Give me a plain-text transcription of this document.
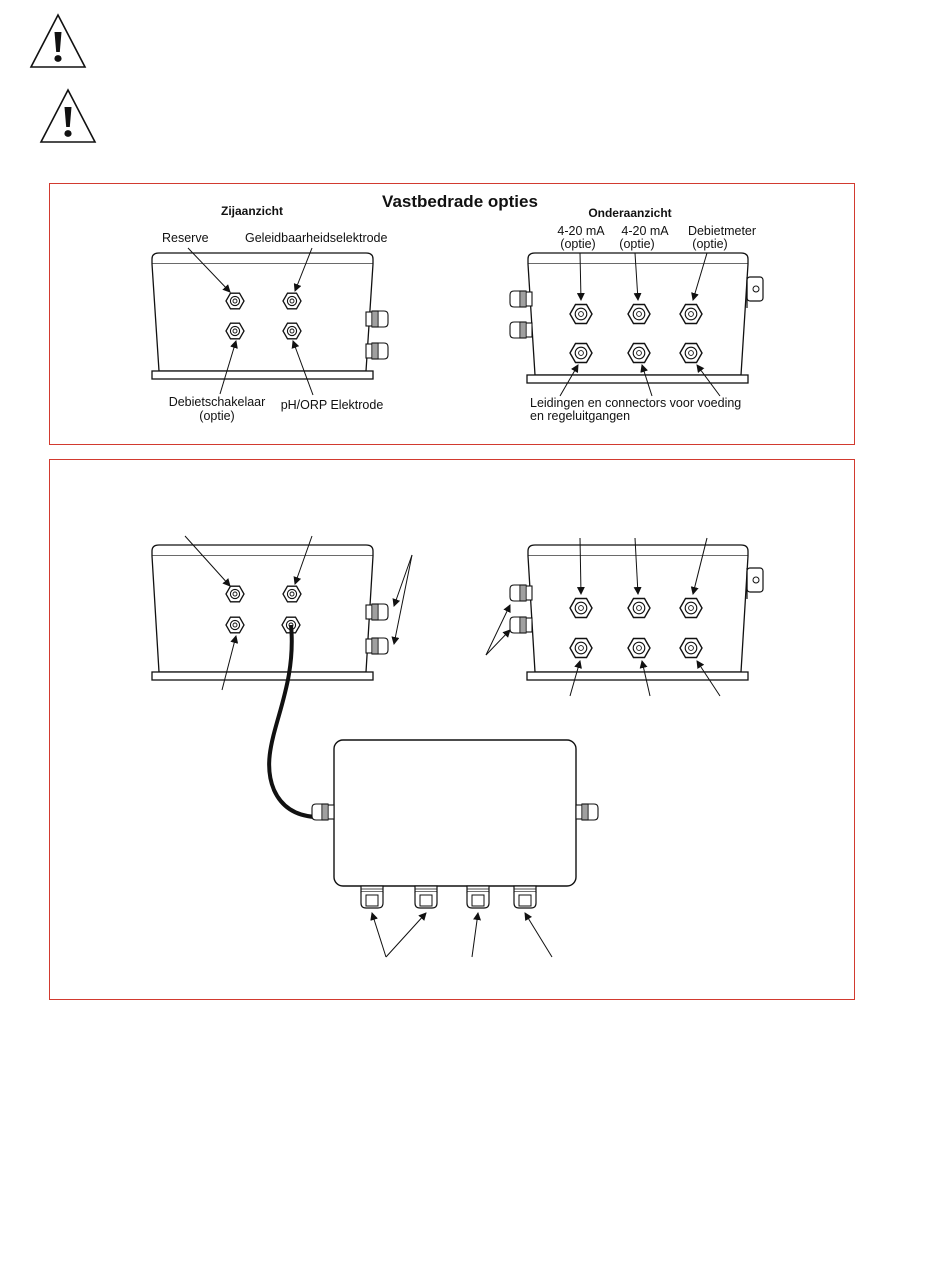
Vastbedrade opties
Zijaanzicht
Reserve	Geleidbaarheidselektrode
Debietschakelaar
(optie)
pH/ORP Elektrode
Onderaanzicht
4-20 mA
(optie)
4-20 mA
(optie)
Debietmeter
(optie)
Leidingen en connectors voor voeding
en regeluitgangen
